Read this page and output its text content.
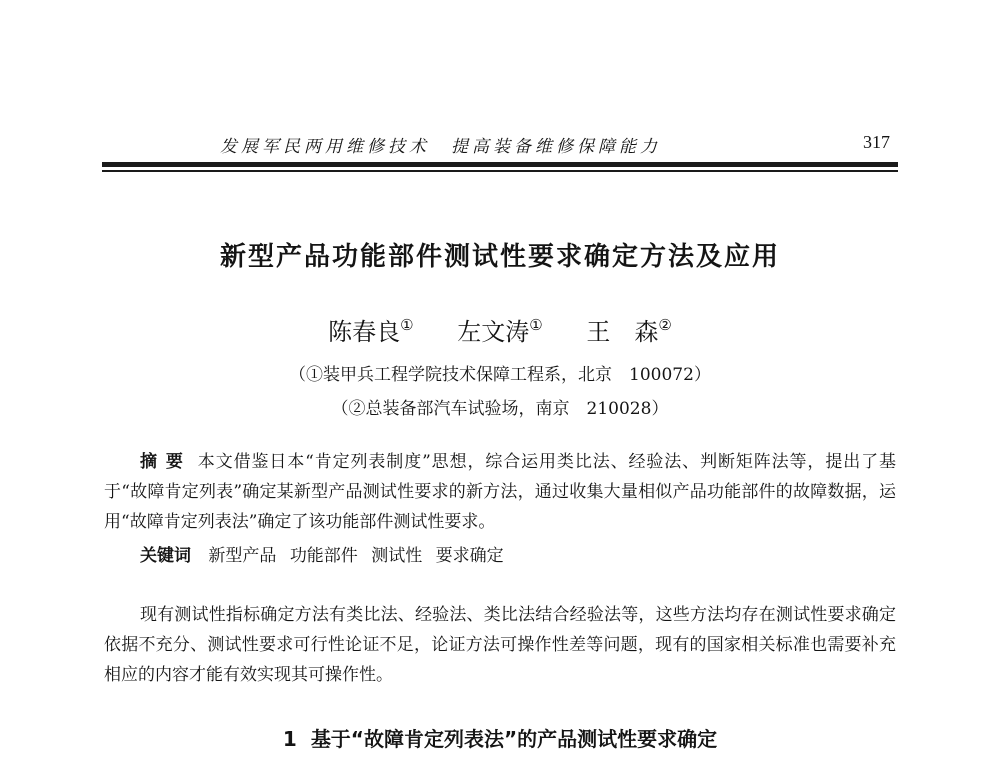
发展军民两用维修技术　提高装备维修保障能力	317
新型产品功能部件测试性要求确定方法及应用
陈春良① 左文涛① 王　森②
（①装甲兵工程学院技术保障工程系，北京　100072）
（②总装备部汽车试验场，南京　210028）
摘要 本文借鉴日本“肯定列表制度”思想，综合运用类比法、经验法、判断矩阵法等，提出了基于“故障肯定列表”确定某新型产品测试性要求的新方法，通过收集大量相似产品功能部件的故障数据，运用“故障肯定列表法”确定了该功能部件测试性要求。
关键词 新型产品 功能部件 测试性 要求确定
现有测试性指标确定方法有类比法、经验法、类比法结合经验法等，这些方法均存在测试性要求确定依据不充分、测试性要求可行性论证不足，论证方法可操作性差等问题，现有的国家相关标准也需要补充相应的内容才能有效实现其可操作性。
1 基于“故障肯定列表法”的产品测试性要求确定
